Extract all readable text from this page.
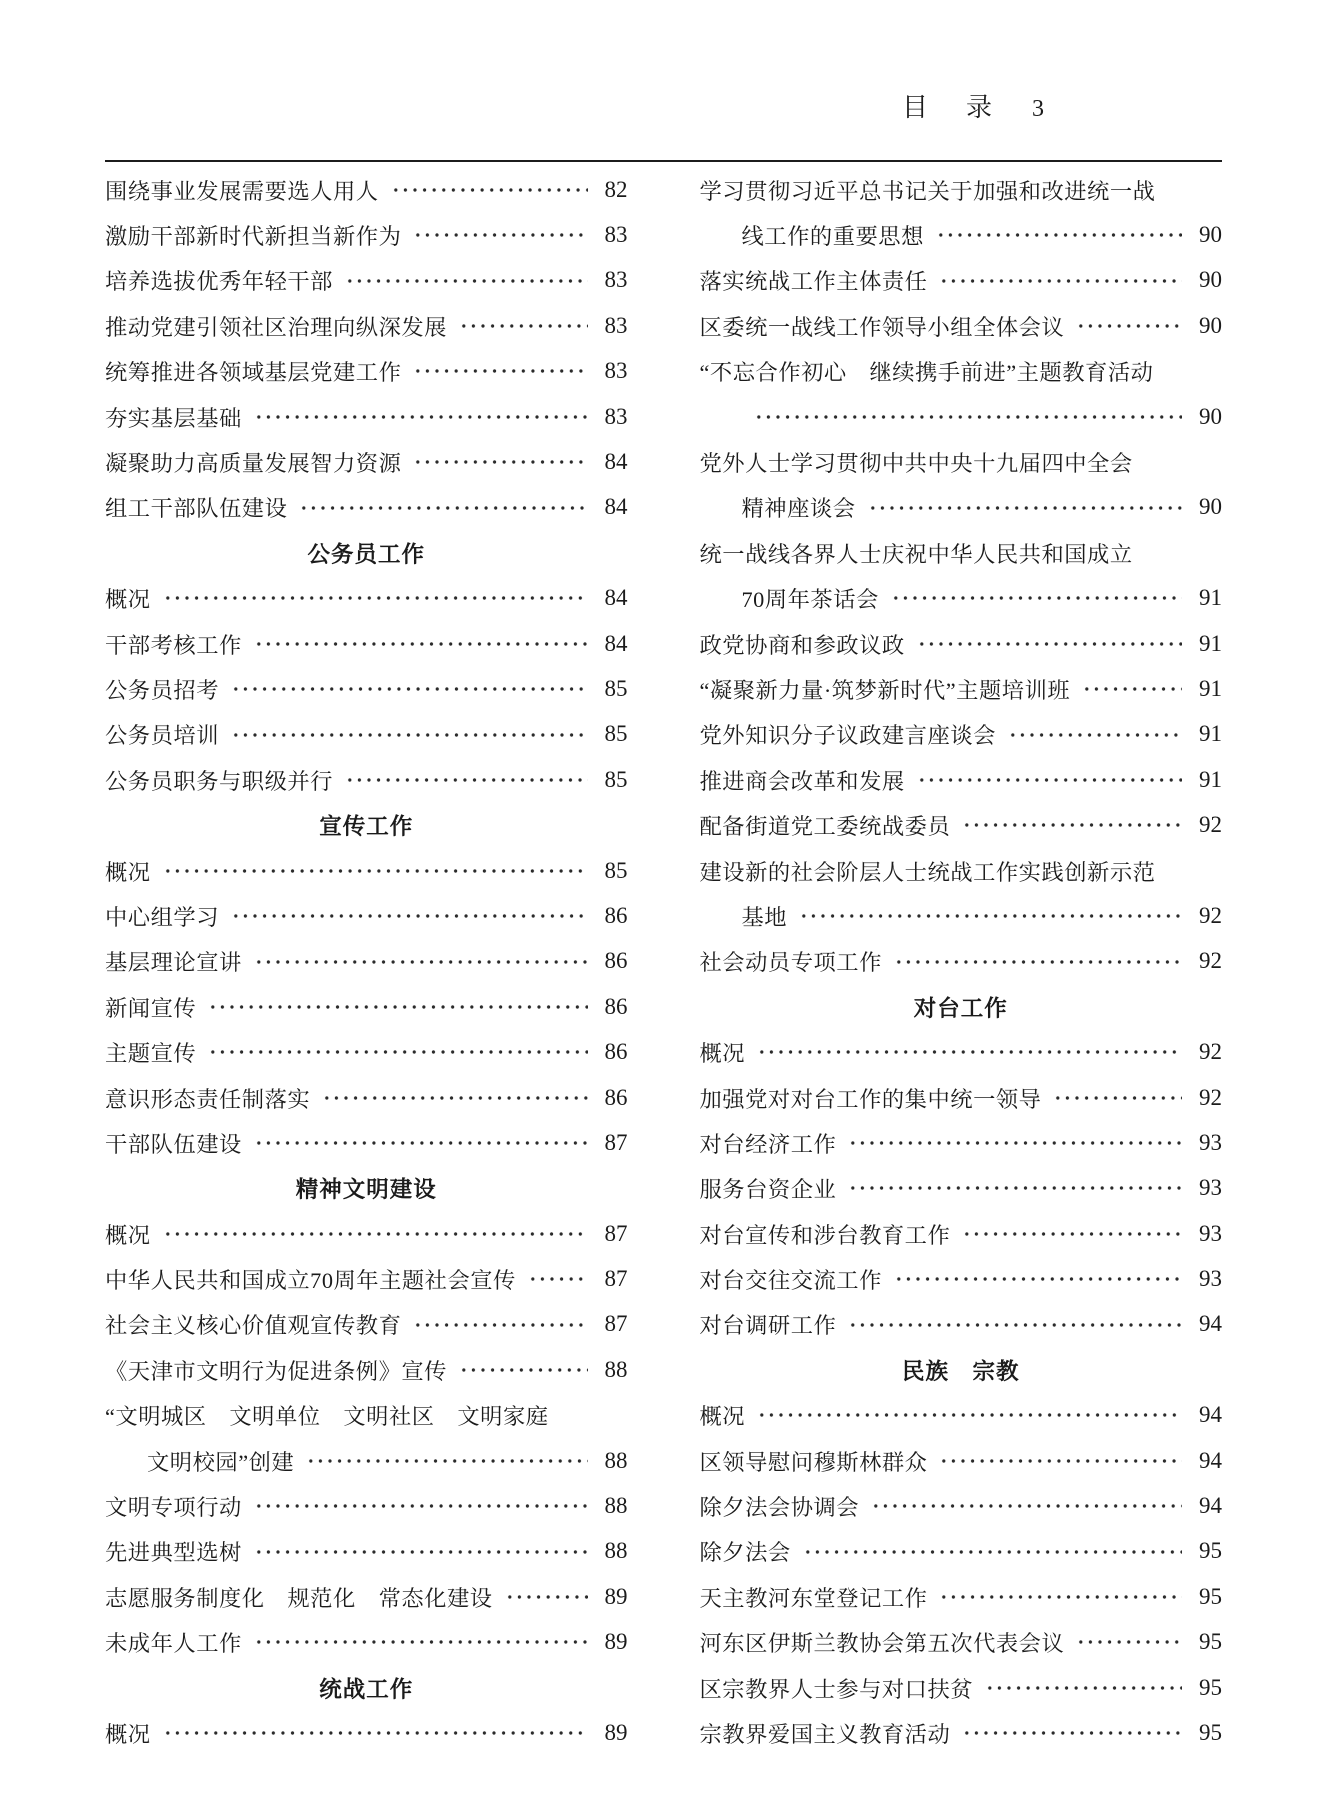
目　录 3
围绕事业发展需要选人用人	82
激励干部新时代新担当新作为	83
培养选拔优秀年轻干部	83
推动党建引领社区治理向纵深发展	83
统筹推进各领域基层党建工作	83
夯实基层基础	83
凝聚助力高质量发展智力资源	84
组工干部队伍建设	84
公务员工作
概况	84
干部考核工作	84
公务员招考	85
公务员培训	85
公务员职务与职级并行	85
宣传工作
概况	85
中心组学习	86
基层理论宣讲	86
新闻宣传	86
主题宣传	86
意识形态责任制落实	86
干部队伍建设	87
精神文明建设
概况	87
中华人民共和国成立70周年主题社会宣传	87
社会主义核心价值观宣传教育	87
《天津市文明行为促进条例》宣传	88
“文明城区　文明单位　文明社区　文明家庭
文明校园”创建	88
文明专项行动	88
先进典型选树	88
志愿服务制度化　规范化　常态化建设	89
未成年人工作	89
统战工作
概况	89
学习贯彻习近平总书记关于加强和改进统一战
线工作的重要思想	90
落实统战工作主体责任	90
区委统一战线工作领导小组全体会议	90
“不忘合作初心　继续携手前进”主题教育活动
90
党外人士学习贯彻中共中央十九届四中全会
精神座谈会	90
统一战线各界人士庆祝中华人民共和国成立
70周年茶话会	91
政党协商和参政议政	91
“凝聚新力量·筑梦新时代”主题培训班	91
党外知识分子议政建言座谈会	91
推进商会改革和发展	91
配备街道党工委统战委员	92
建设新的社会阶层人士统战工作实践创新示范
基地	92
社会动员专项工作	92
对台工作
概况	92
加强党对对台工作的集中统一领导	92
对台经济工作	93
服务台资企业	93
对台宣传和涉台教育工作	93
对台交往交流工作	93
对台调研工作	94
民族　宗教
概况	94
区领导慰问穆斯林群众	94
除夕法会协调会	94
除夕法会	95
天主教河东堂登记工作	95
河东区伊斯兰教协会第五次代表会议	95
区宗教界人士参与对口扶贫	95
宗教界爱国主义教育活动	95
